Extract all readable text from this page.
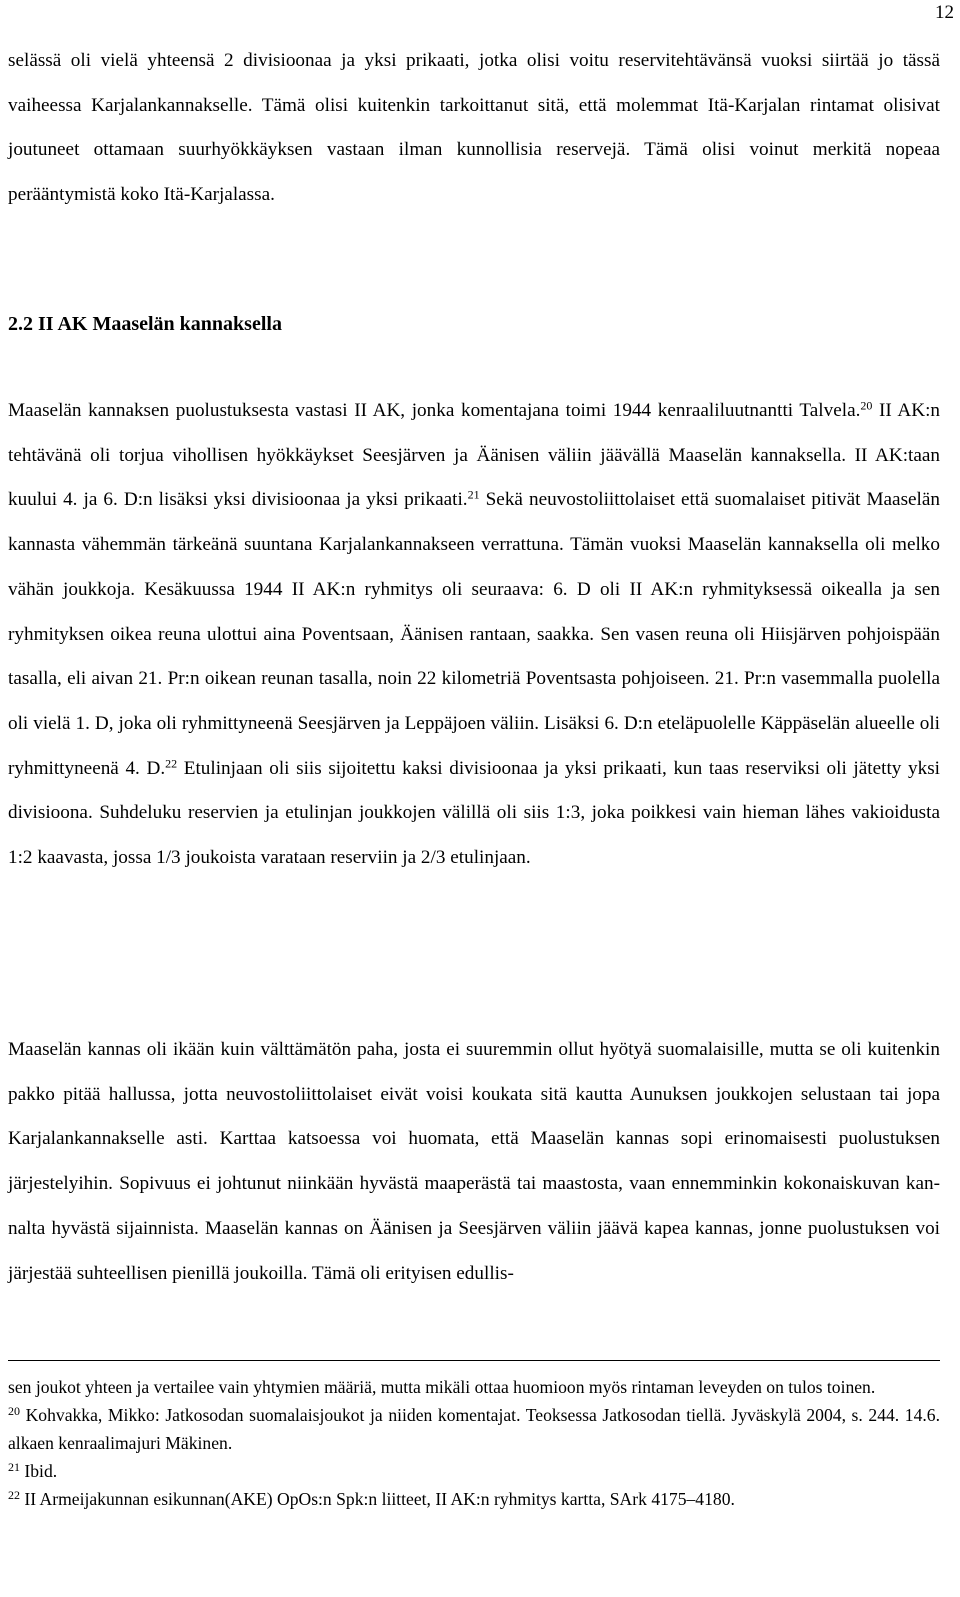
12

selässä oli vielä yhteensä 2 divisioonaa ja yksi prikaati, jotka olisi voitu reservitehtävänsä vuoksi siirtää jo tässä vaiheessa Karjalankannakselle. Tämä olisi kuitenkin tarkoittanut sitä, että molemmat Itä-Karjalan rintamat olisivat joutuneet ottamaan suurhyökkäyksen vastaan ilman kunnollisia reservejä. Tämä olisi voinut merkitä nopeaa perääntymistä koko Itä-Karjalassa.

2.2 II AK Maaselän kannaksella

Maaselän kannaksen puolustuksesta vastasi II AK, jonka komentajana toimi 1944 kenraaliluutnantti Talvela.$^{20}$ II AK:n tehtävänä oli torjua vihollisen hyökkäykset Seesjärven ja Äänisen väliin jäävällä Maaselän kannaksella. II AK:taan kuului 4. ja 6. D:n lisäksi yksi divisioonaa ja yksi prikaati.$^{21}$ Sekä neuvostoliittolaiset että suomalaiset pitivät Maaselän kannasta vähemmän tärkeänä suuntana Karjalankannakseen verrattuna. Tämän vuoksi Maaselän kannaksella oli melko vähän joukkoja. Kesäkuussa 1944 II AK:n ryhmitys oli seuraava: 6. D oli II AK:n ryhmityksessä oikealla ja sen ryhmityksen oikea reuna ulottui aina Poventsaan, Äänisen rantaan, saakka. Sen vasen reuna oli Hiisjärven pohjoispään tasalla, eli aivan 21. Pr:n oikean reunan tasalla, noin 22 kilometriä Poventsasta pohjoiseen. 21. Pr:n vasemmalla puolella oli vielä 1. D, joka oli ryhmittyneenä Seesjärven ja Leppäjoen väliin. Lisäksi 6. D:n eteläpuolelle Käppäselän alueelle oli ryhmittyneenä 4. D.$^{22}$ Etulinjaan oli siis sijoitettu kaksi divisioonaa ja yksi prikaati, kun taas reserviksi oli jätetty yksi divisioona. Suhdeluku reservien ja etulinjan joukkojen välillä oli siis 1:3, joka poikkesi vain hieman lähes vakioidusta 1:2 kaavasta, jossa 1/3 joukoista varataan reserviin ja 2/3 etulinjaan.

Maaselän kannas oli ikään kuin välttämätön paha, josta ei suuremmin ollut hyötyä suomalaisille, mutta se oli kuitenkin pakko pitää hallussa, jotta neuvostoliittolaiset eivät voisi koukata sitä kautta Aunuksen joukkojen selustaan tai jopa Karjalankannakselle asti. Karttaa katsoessa voi huomata, että Maaselän kannas sopi erinomaisesti puolustuksen järjestelyihin. Sopivuus ei johtunut niinkään hyvästä maaperästä tai maastosta, vaan ennemminkin kokonaiskuvan kannalta hyvästä sijainnista. Maaselän kannas on Äänisen ja Seesjärven väliin jäävä kapea kannas, jonne puolustuksen voi järjestää suhteellisen pienillä joukoilla. Tämä oli erityisen edullis-

sen joukot yhteen ja vertailee vain yhtymien määriä, mutta mikäli ottaa huomioon myös rintaman leveyden on tulos toinen.

$^{20}$ Kohvakka, Mikko: Jatkosodan suomalaisjoukot ja niiden komentajat. Teoksessa Jatkosodan tiellä. Jyväskylä 2004, s. 244. 14.6. alkaen kenraalimajuri Mäkinen.

$^{21}$ Ibid.

$^{22}$ II Armeijakunnan esikunnan(AKE) OpOs:n Spk:n liitteet, II AK:n ryhmitys kartta, SArk 4175–4180.
